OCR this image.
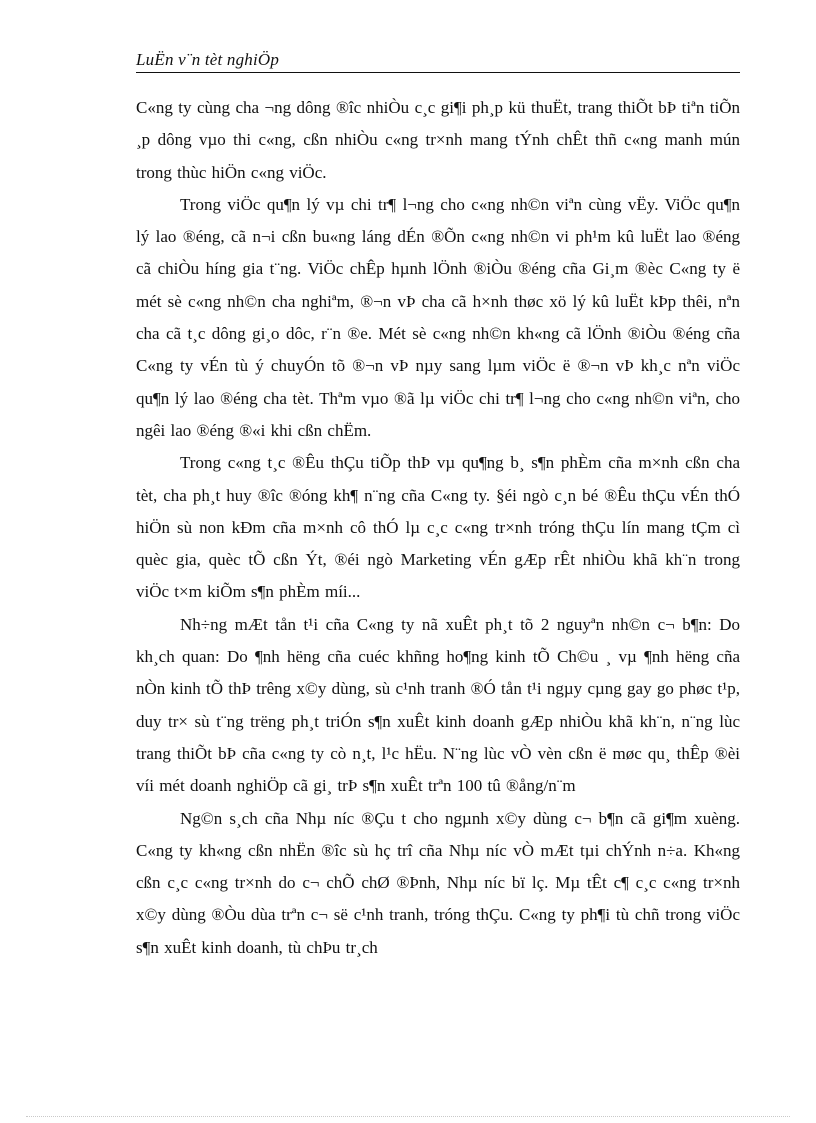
LuËn v¨n tèt nghiÖp

C«ng ty cùng cha ¬ng dông ®îc nhiÒu c¸c gi¶i ph¸p kü thuËt, trang thiÕt bÞ tiªn tiÕn ¸p dông vµo thi c«ng, cßn nhiÒu c«ng tr×nh mang tÝnh chÊt thñ c«ng manh mún trong thùc hiÖn c«ng viÖc.

Trong viÖc qu¶n lý vµ chi tr¶ l¬ng cho c«ng nh©n viªn cùng vËy. ViÖc qu¶n lý lao ®éng, cã n¬i cßn bu«ng láng dÉn ®Õn c«ng nh©n vi ph¹m kû luËt lao ®éng cã chiÒu híng gia t¨ng. ViÖc chÊp hµnh lÖnh ®iÒu ®éng cña Gi¸m ®èc C«ng ty ë mét sè c«ng nh©n cha nghiªm, ®¬n vÞ cha cã h×nh thøc xö lý kû luËt kÞp thêi, nªn cha cã t¸c dông gi¸o dôc, r¨n ®e. Mét sè c«ng nh©n kh«ng cã lÖnh ®iÒu ®éng cña C«ng ty vÉn tù ý chuyÓn tõ ®¬n vÞ nµy sang lµm viÖc ë ®¬n vÞ kh¸c nªn viÖc qu¶n lý lao ®éng cha tèt. Thªm vµo ®ã lµ viÖc chi tr¶ l¬ng cho c«ng nh©n viªn, cho ngêi lao ®éng ®«i khi cßn chËm.

Trong c«ng t¸c ®Êu thÇu tiÕp thÞ vµ qu¶ng b¸ s¶n phÈm cña m×nh cßn cha tèt, cha ph¸t huy ®îc ®óng kh¶ n¨ng cña C«ng ty. §éi ngò c¸n bé ®Êu thÇu vÉn thÓ hiÖn sù non kÐm cña m×nh cô thÓ lµ c¸c c«ng tr×nh tróng thÇu lín mang tÇm cì quèc gia, quèc tÕ cßn Ýt, ®éi ngò Marketing vÉn gÆp rÊt nhiÒu khã kh¨n trong viÖc t×m kiÕm s¶n phÈm míi...

Nh÷ng mÆt tån t¹i cña C«ng ty nã xuÊt ph¸t tõ 2 nguyªn nh©n c¬ b¶n: Do kh¸ch quan: Do ¶nh hëng cña cuéc khñng ho¶ng kinh tÕ Ch©u ¸ vµ ¶nh hëng cña nÒn kinh tÕ thÞ trêng x©y dùng, sù c¹nh tranh ®Ó tån t¹i ngµy cµng gay go phøc t¹p, duy tr× sù t¨ng trëng ph¸t triÓn s¶n xuÊt kinh doanh gÆp nhiÒu khã kh¨n, n¨ng lùc trang thiÕt bÞ cña c«ng ty cò n¸t, l¹c hËu. N¨ng lùc vÒ vèn cßn ë møc qu¸ thÊp ®èi víi mét doanh nghiÖp cã gi¸ trÞ s¶n xuÊt trªn 100 tû ®ång/n¨m

Ng©n s¸ch cña Nhµ níc ®Çu t cho ngµnh x©y dùng c¬ b¶n cã gi¶m xuèng. C«ng ty kh«ng cßn nhËn ®îc sù hç trî cña Nhµ níc vÒ mÆt tµi chÝnh n÷a. Kh«ng cßn c¸c c«ng tr×nh do c¬ chÕ chØ ®Þnh, Nhµ níc bï lç. Mµ tÊt c¶ c¸c c«ng tr×nh x©y dùng ®Òu dùa trªn c¬ së c¹nh tranh, tróng thÇu. C«ng ty ph¶i tù chñ trong viÖc s¶n xuÊt kinh doanh, tù chÞu tr¸ch
